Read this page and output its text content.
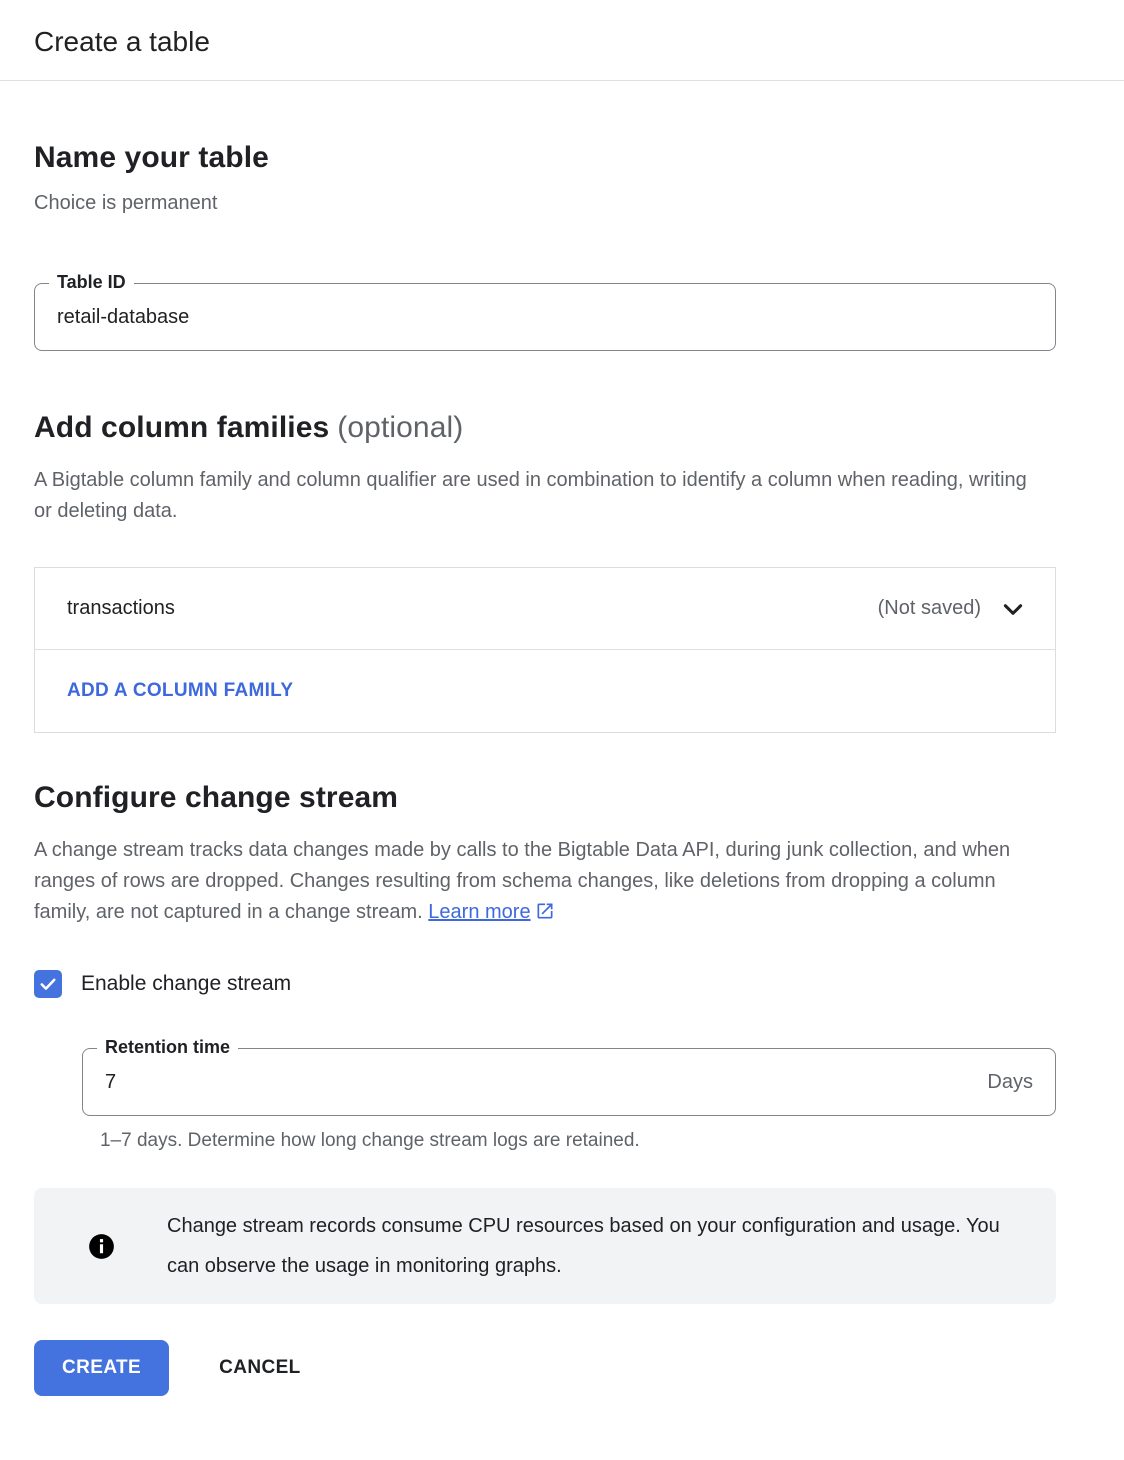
Create a table
Name your table
Choice is permanent
Table ID
retail-database
Add column families (optional)

A Bigtable column family and column qualifier are used in combination to identify a column when reading, writing or deleting data.

transactions	(Not saved)
ADD A COLUMN FAMILY
Configure change stream

A change stream tracks data changes made by calls to the Bigtable Data API, during junk collection, and when ranges of rows are dropped. Changes resulting from schema changes, like deletions from dropping a column family, are not captured in a change stream. Learn more

Enable change stream
Retention time
7
Days
1–7 days. Determine how long change stream logs are retained.
Change stream records consume CPU resources based on your configuration and usage. You can observe the usage in monitoring graphs.
CREATE	CANCEL
